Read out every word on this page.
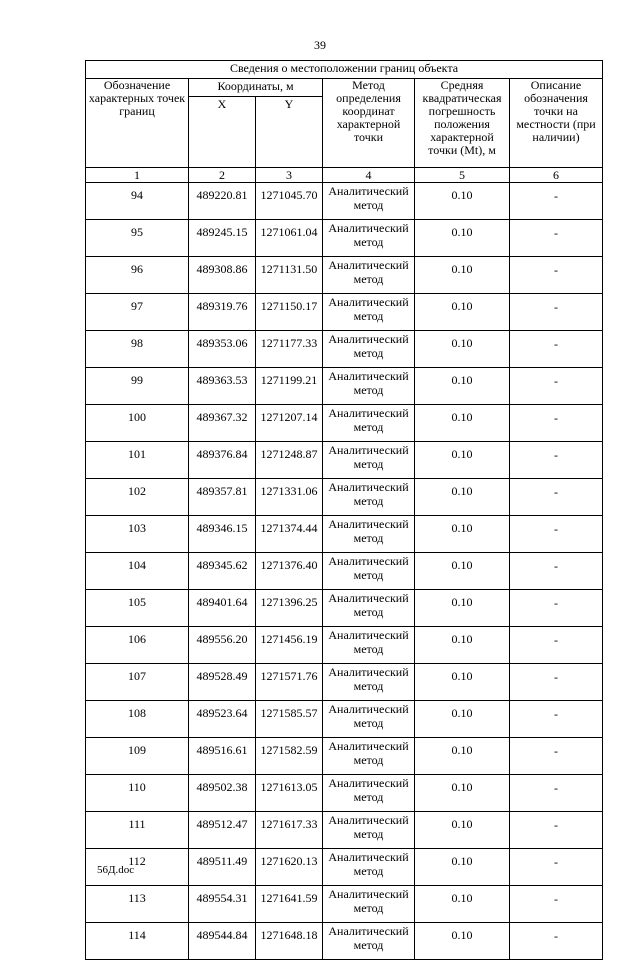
39
Сведения о местоположении границ объекта					

Обозначение характерных точек границ	Координаты, м		Метод определения координат характерной точки	Средняя квадратическая погрешность положения характерной точки (Mt), м	Описание обозначения точки на местности (при наличии)

	X	Y			
1	2	3	4	5	6
94	489220.81	1271045.70	Аналитический метод	0.10	-
95	489245.15	1271061.04	Аналитический метод	0.10	-
96	489308.86	1271131.50	Аналитический метод	0.10	-
97	489319.76	1271150.17	Аналитический метод	0.10	-
98	489353.06	1271177.33	Аналитический метод	0.10	-
99	489363.53	1271199.21	Аналитический метод	0.10	-
100	489367.32	1271207.14	Аналитический метод	0.10	-
101	489376.84	1271248.87	Аналитический метод	0.10	-
102	489357.81	1271331.06	Аналитический метод	0.10	-
103	489346.15	1271374.44	Аналитический метод	0.10	-
104	489345.62	1271376.40	Аналитический метод	0.10	-
105	489401.64	1271396.25	Аналитический метод	0.10	-
106	489556.20	1271456.19	Аналитический метод	0.10	-
107	489528.49	1271571.76	Аналитический метод	0.10	-
108	489523.64	1271585.57	Аналитический метод	0.10	-
109	489516.61	1271582.59	Аналитический метод	0.10	-
110	489502.38	1271613.05	Аналитический метод	0.10	-
111	489512.47	1271617.33	Аналитический метод	0.10	-
112	489511.49	1271620.13	Аналитический метод	0.10	-
113	489554.31	1271641.59	Аналитический метод	0.10	-
114	489544.84	1271648.18	Аналитический метод	0.10	-
56Д.doc
